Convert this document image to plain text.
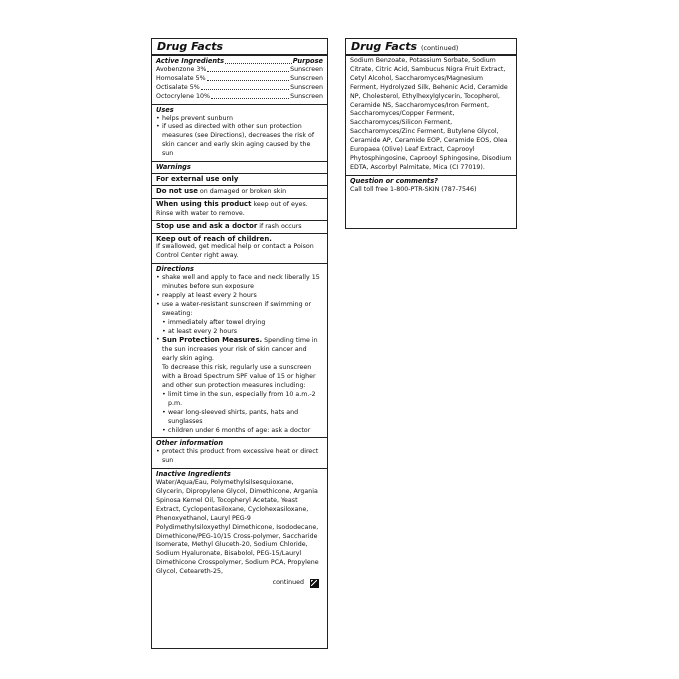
Drug Facts
Active Ingredients	Purpose
Avobenzone 3%	Sunscreen
Homosalate 5%	Sunscreen
Octisalate 5%	Sunscreen
Octocrylene 10%	Sunscreen
Uses
• helps prevent sunburn
• if used as directed with other sun protection measures (see Directions), decreases the risk of skin cancer and early skin aging caused by the sun
Warnings
For external use only
Do not use on damaged or broken skin
When using this product keep out of eyes. Rinse with water to remove.
Stop use and ask a doctor if rash occurs
Keep out of reach of children.
If swallowed, get medical help or contact a Poison Control Center right away.
Directions
• shake well and apply to face and neck liberally 15 minutes before sun exposure
• reapply at least every 2 hours
• use a water-resistant sunscreen if swimming or sweating:
• immediately after towel drying
• at least every 2 hours
• Sun Protection Measures. Spending time in the sun increases your risk of skin cancer and early skin aging.
To decrease this risk, regularly use a sunscreen with a Broad Spectrum SPF value of 15 or higher and other sun protection measures including:
• limit time in the sun, especially from 10 a.m.-2 p.m.
• wear long-sleeved shirts, pants, hats and sunglasses
• children under 6 months of age: ask a doctor
Other information
• protect this product from excessive heat or direct sun
Inactive Ingredients
Water/Aqua/Eau, Polymethylsilsesquioxane, Glycerin, Dipropylene Glycol, Dimethicone, Argania Spinosa Kernel Oil, Tocopheryl Acetate, Yeast Extract, Cyclopentasiloxane, Cyclohexasiloxane, Phenoxyethanol, Lauryl PEG-9 Polydimethylsiloxyethyl Dimethicone, Isododecane, Dimethicone/PEG-10/15 Cross-polymer, Saccharide Isomerate, Methyl Gluceth-20, Sodium Chloride, Sodium Hyaluronate, Bisabolol, PEG-15/Lauryl Dimethicone Crosspolymer, Sodium PCA, Propylene Glycol, Ceteareth-25,
continued
Drug Facts (continued)
Sodium Benzoate, Potassium Sorbate, Sodium Citrate, Citric Acid, Sambucus Nigra Fruit Extract, Cetyl Alcohol, Saccharomyces/Magnesium Ferment, Hydrolyzed Silk, Behenic Acid, Ceramide NP, Cholesterol, Ethylhexylglycerin, Tocopherol, Ceramide NS, Saccharomyces/Iron Ferment, Saccharomyces/Copper Ferment, Saccharomyces/Silicon Ferment, Saccharomyces/Zinc Ferment, Butylene Glycol, Ceramide AP, Ceramide EOP, Ceramide EOS, Olea Europaea (Olive) Leaf Extract, Caprooyl Phytosphingosine, Caprooyl Sphingosine, Disodium EDTA, Ascorbyl Palmitate, Mica (CI 77019).
Question or comments?
Call toll free 1-800-PTR-SKIN (787-7546)
